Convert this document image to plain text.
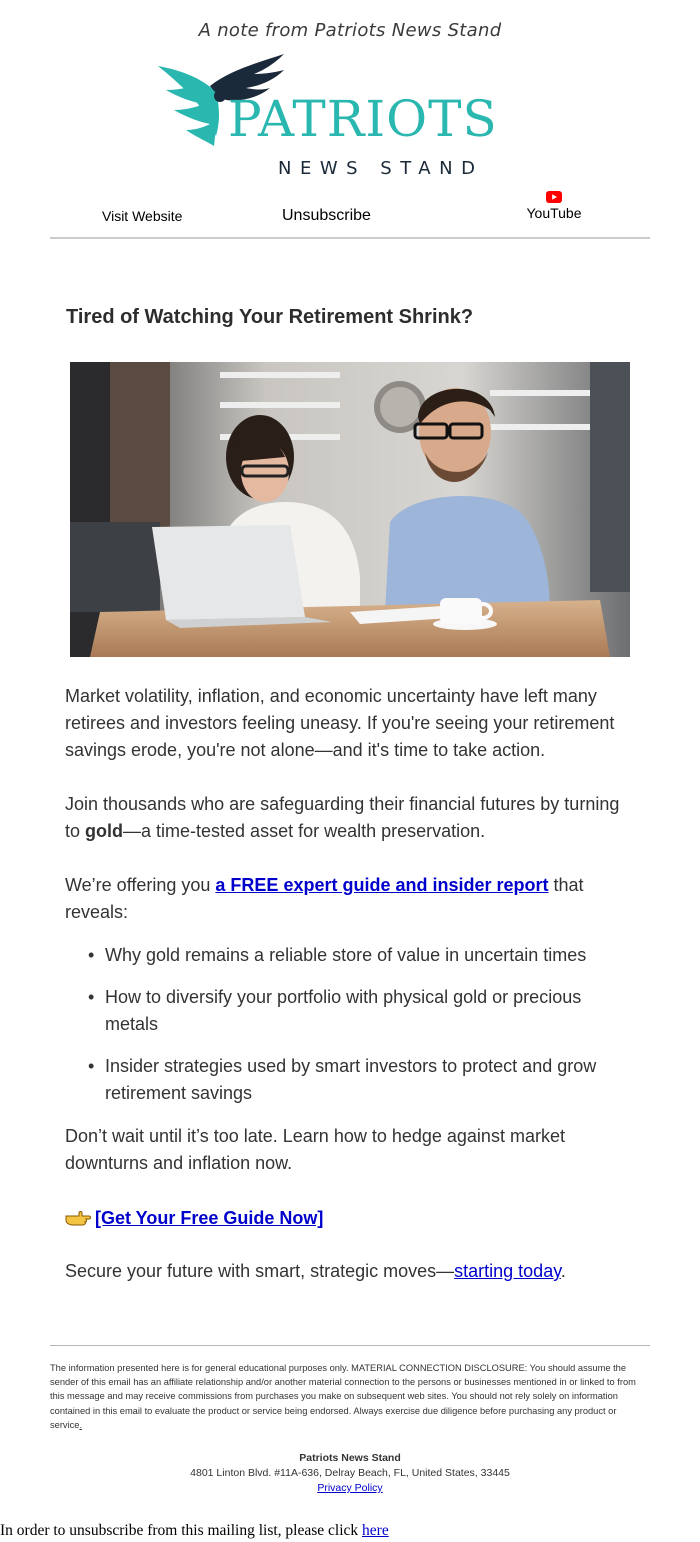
A note from Patriots News Stand
PATRIOTS
NEWS STAND
Visit Website	Unsubscribe	YouTube
Tired of Watching Your Retirement Shrink?

Market volatility, inflation, and economic uncertainty have left many retirees and investors feeling uneasy. If you're seeing your retirement savings erode, you're not alone—and it's time to take action.

Join thousands who are safeguarding their financial futures by turning to gold—a time-tested asset for wealth preservation.

We’re offering you a FREE expert guide and insider report that reveals:

• Why gold remains a reliable store of value in uncertain times
• How to diversify your portfolio with physical gold or precious metals
• Insider strategies used by smart investors to protect and grow retirement savings

Don’t wait until it’s too late. Learn how to hedge against market downturns and inflation now.

[Get Your Free Guide Now]

Secure your future with smart, strategic moves—starting today.

The information presented here is for general educational purposes only. MATERIAL CONNECTION DISCLOSURE: You should assume the sender of this email has an affiliate relationship and/or another material connection to the persons or businesses mentioned in or linked to from this message and may receive commissions from purchases you make on subsequent web sites. You should not rely solely on information contained in this email to evaluate the product or service being endorsed. Always exercise due diligence before purchasing any product or service.

Patriots News Stand
4801 Linton Blvd. #11A-636, Delray Beach, FL, United States, 33445
Privacy Policy
In order to unsubscribe from this mailing list, please click here
